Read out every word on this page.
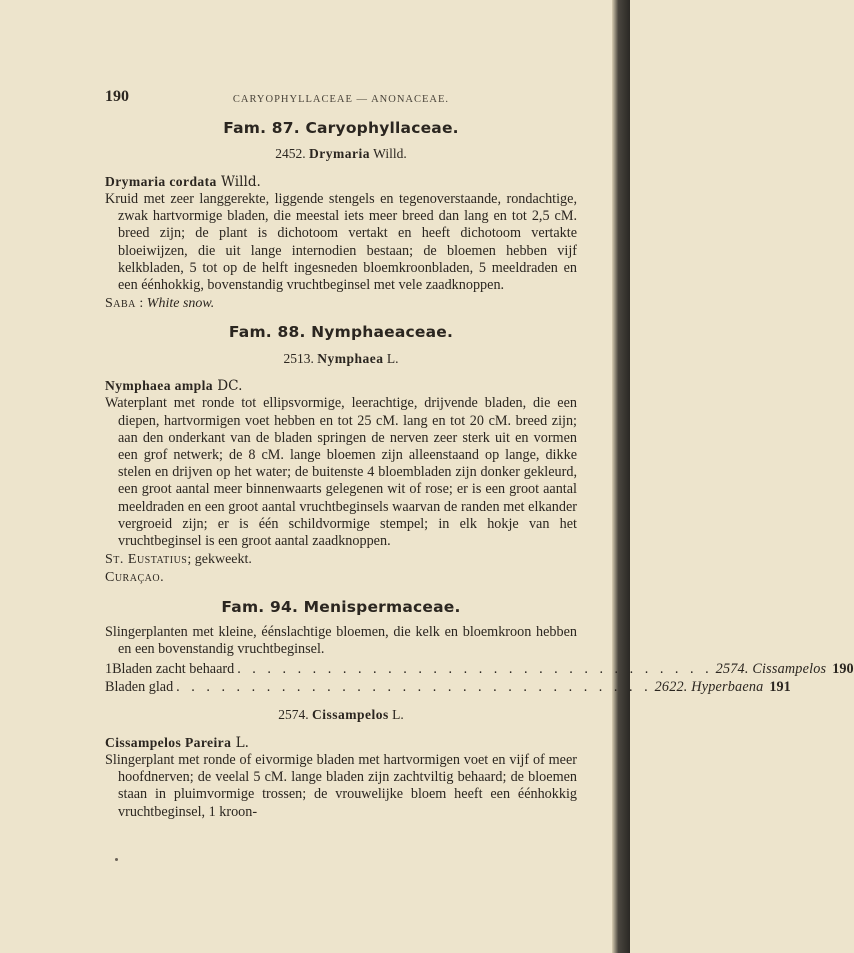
190	CARYOPHYLLACEAE — ANONACEAE.
Fam. 87. Caryophyllaceae.
2452. Drymaria Willd.

Drymaria cordata Willd.

Kruid met zeer langgerekte, liggende stengels en tegenoverstaande, rondachtige, zwak hartvormige bladen, die meestal iets meer breed dan lang en tot 2,5 cM. breed zijn; de plant is dichotoom vertakt en heeft dichotoom vertakte bloeiwijzen, die uit lange internodien bestaan; de bloemen hebben vijf kelkbladen, 5 tot op de helft ingesneden bloemkroonbladen, 5 meeldraden en een éénhokkig, bovenstandig vruchtbeginsel met vele zaadknoppen.

Saba : White snow.

Fam. 88. Nymphaeaceae.
2513. Nymphaea L.

Nymphaea ampla DC.

Waterplant met ronde tot ellipsvormige, leerachtige, drijvende bladen, die een diepen, hartvormigen voet hebben en tot 25 cM. lang en tot 20 cM. breed zijn; aan den onderkant van de bladen springen de nerven zeer sterk uit en vormen een grof netwerk; de 8 cM. lange bloemen zijn alleenstaand op lange, dikke stelen en drijven op het water; de buitenste 4 bloembladen zijn donker gekleurd, een groot aantal meer binnenwaarts gelegenen wit of rose; er is een groot aantal meeldraden en een groot aantal vruchtbeginsels waarvan de randen met elkander vergroeid zijn; er is één schildvormige stempel; in elk hokje van het vruchtbeginsel is een groot aantal zaadknoppen.

St. Eustatius; gekweekt.

Curaçao.

Fam. 94. Menispermaceae.

Slingerplanten met kleine, éénslachtige bloemen, die kelk en bloemkroon hebben en een bovenstandig vruchtbeginsel.

1 Bladen zacht behaard . . . . . . . . . . . . . . . . . . . . . . . . . . . . . . . . 2574. Cissampelos 190
Bladen glad . . . . . . . . . . . . . . . . . . . . . . . . . . . . . . . . 2622. Hyperbaena 191
2574. Cissampelos L.

Cissampelos Pareira L.

Slingerplant met ronde of eivormige bladen met hartvormigen voet en vijf of meer hoofdnerven; de veelal 5 cM. lange bladen zijn zachtviltig behaard; de bloemen staan in pluimvormige trossen; de vrouwelijke bloem heeft een éénhokkig vruchtbeginsel, 1 kroon-
